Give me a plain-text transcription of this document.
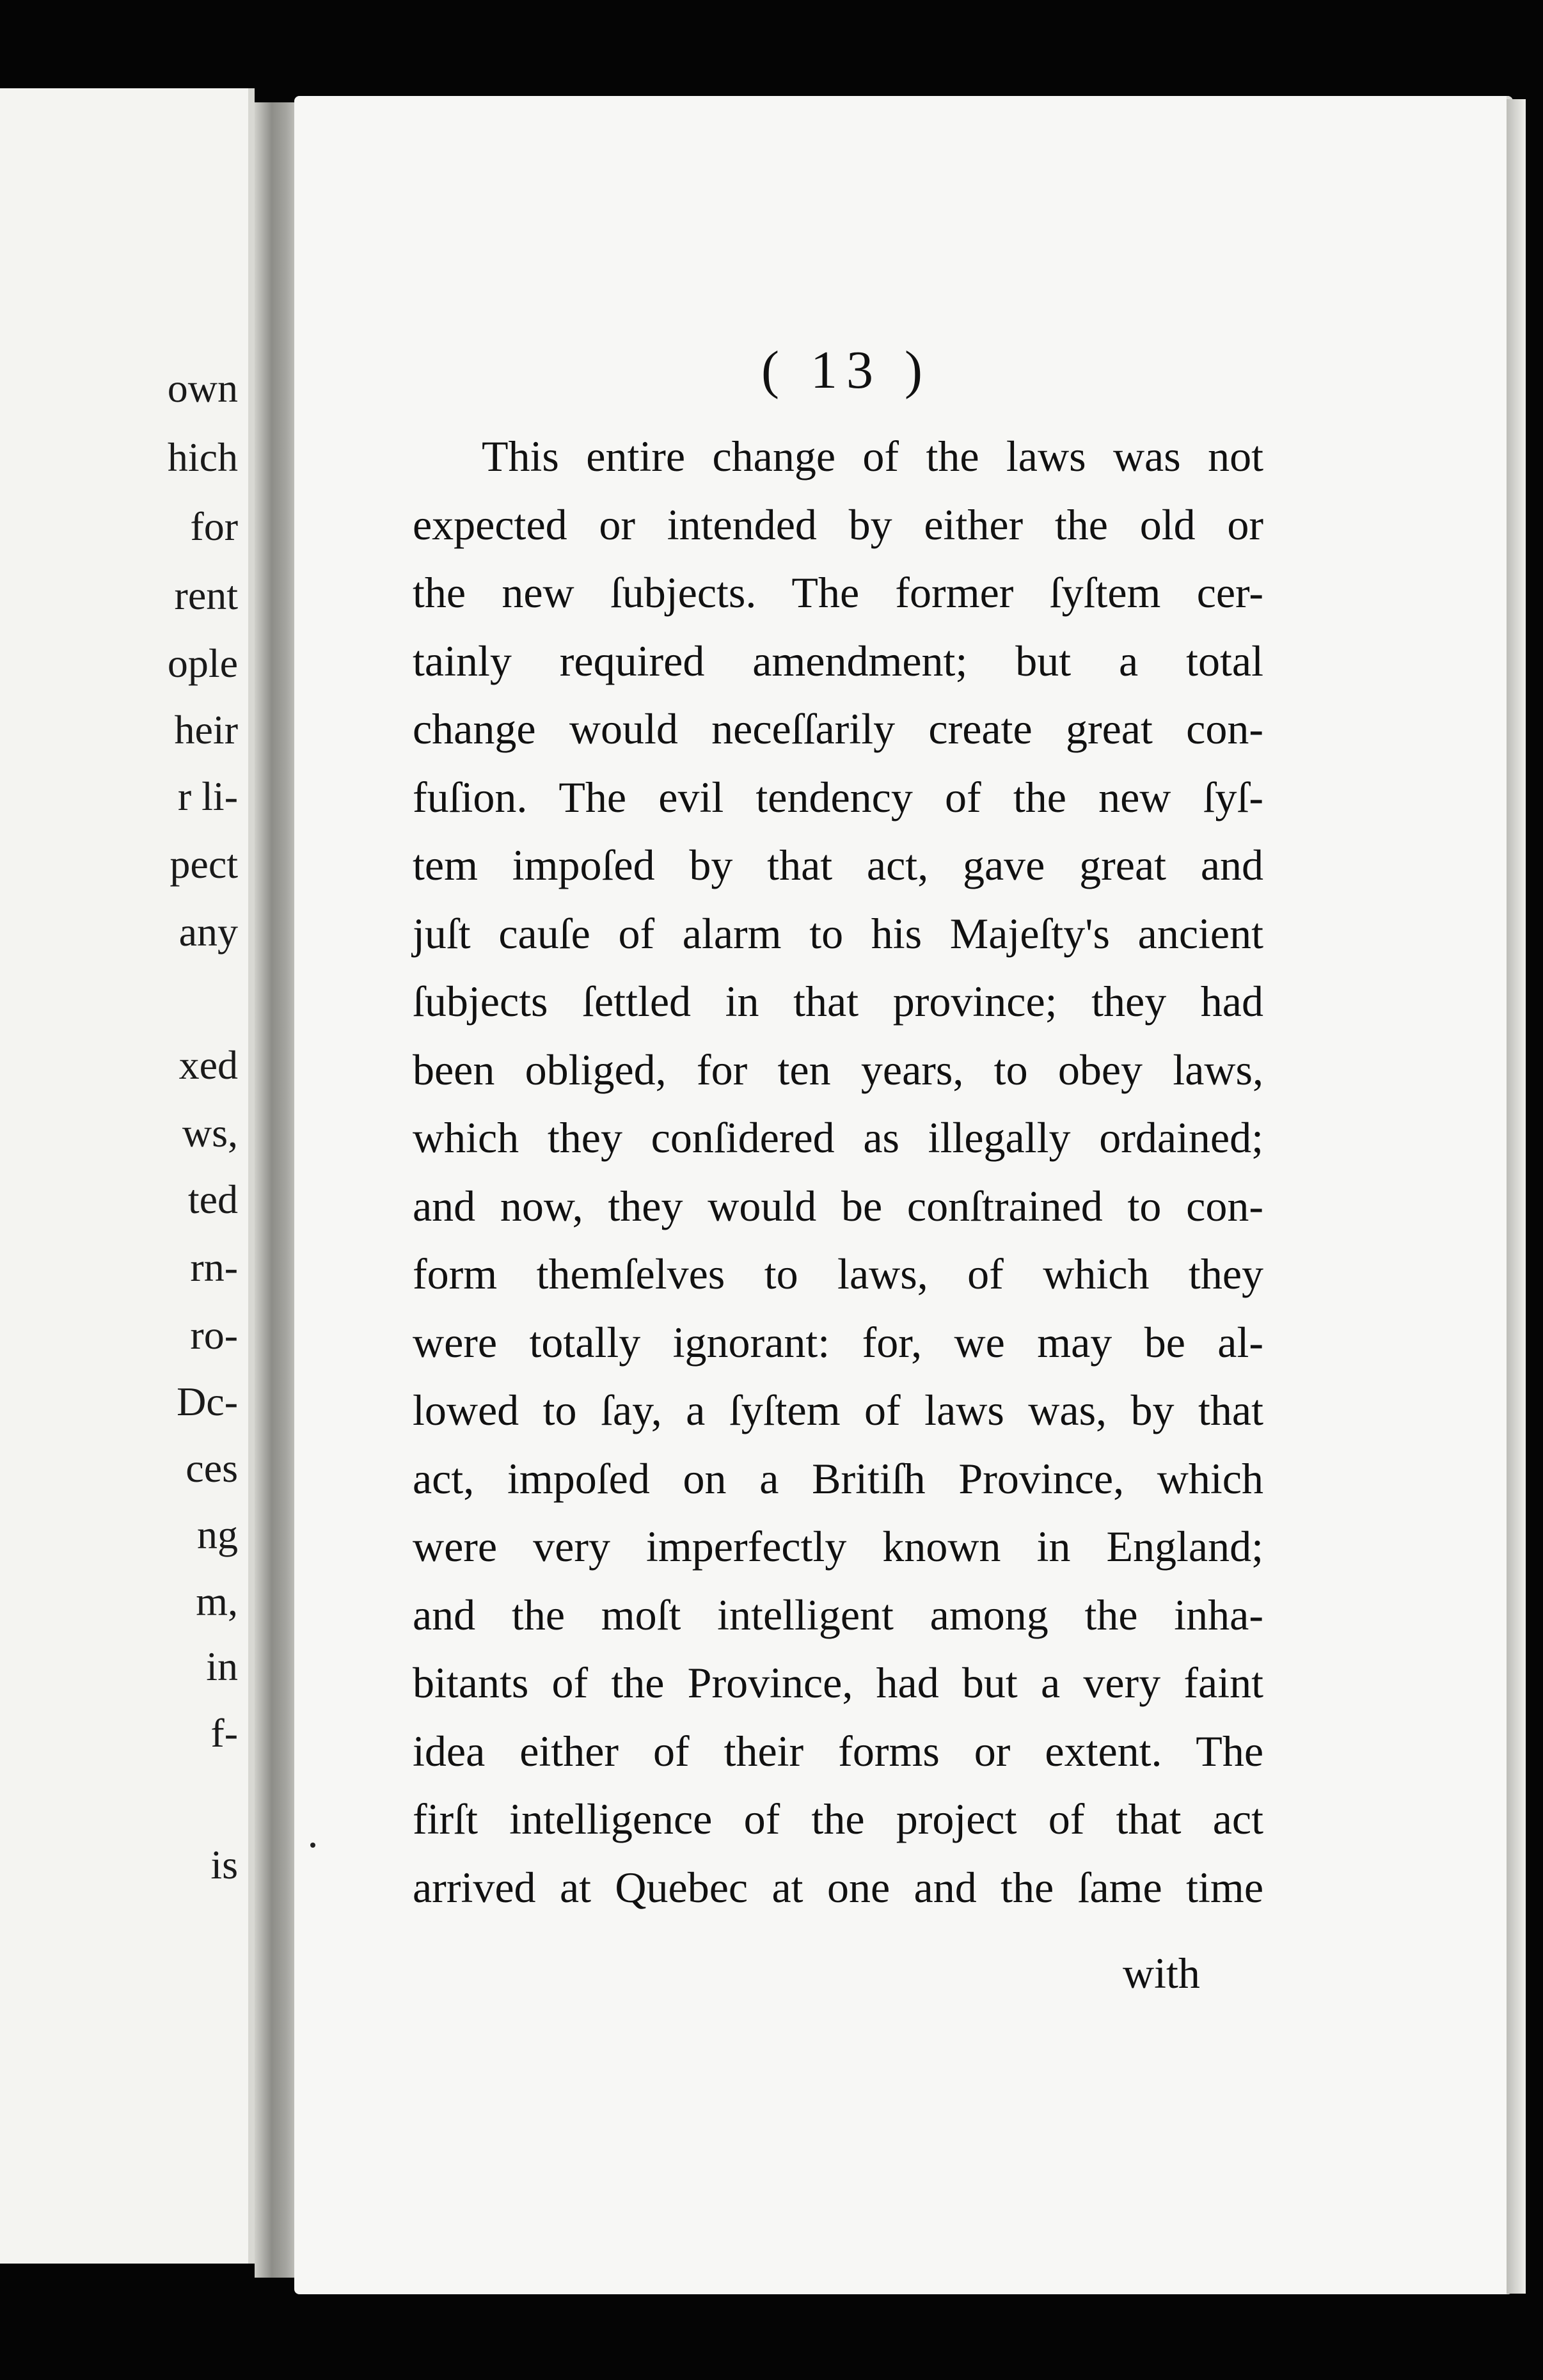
own
hich
for
rent
ople
heir
r li-
pect
any
xed
ws,
ted
rn-
ro-
Dc-
ces
ng
m,
in
f-
is
( 13 )
This entire change of the laws was not
expected or intended by either the old or
the new ſubjects. The former ſyſtem cer-
tainly required amendment; but a total
change would neceſſarily create great con-
fuſion. The evil tendency of the new ſyſ-
tem impoſed by that act, gave great and
juſt cauſe of alarm to his Majeſty's ancient
ſubjects ſettled in that province; they had
been obliged, for ten years, to obey laws,
which they conſidered as illegally ordained;
and now, they would be conſtrained to con-
form themſelves to laws, of which they
were totally ignorant: for, we may be al-
lowed to ſay, a ſyſtem of laws was, by that
act, impoſed on a Britiſh Province, which
were very imperfectly known in England;
and the moſt intelligent among the inha-
bitants of the Province, had but a very faint
idea either of their forms or extent. The
firſt intelligence of the project of that act
arrived at Quebec at one and the ſame time
with
